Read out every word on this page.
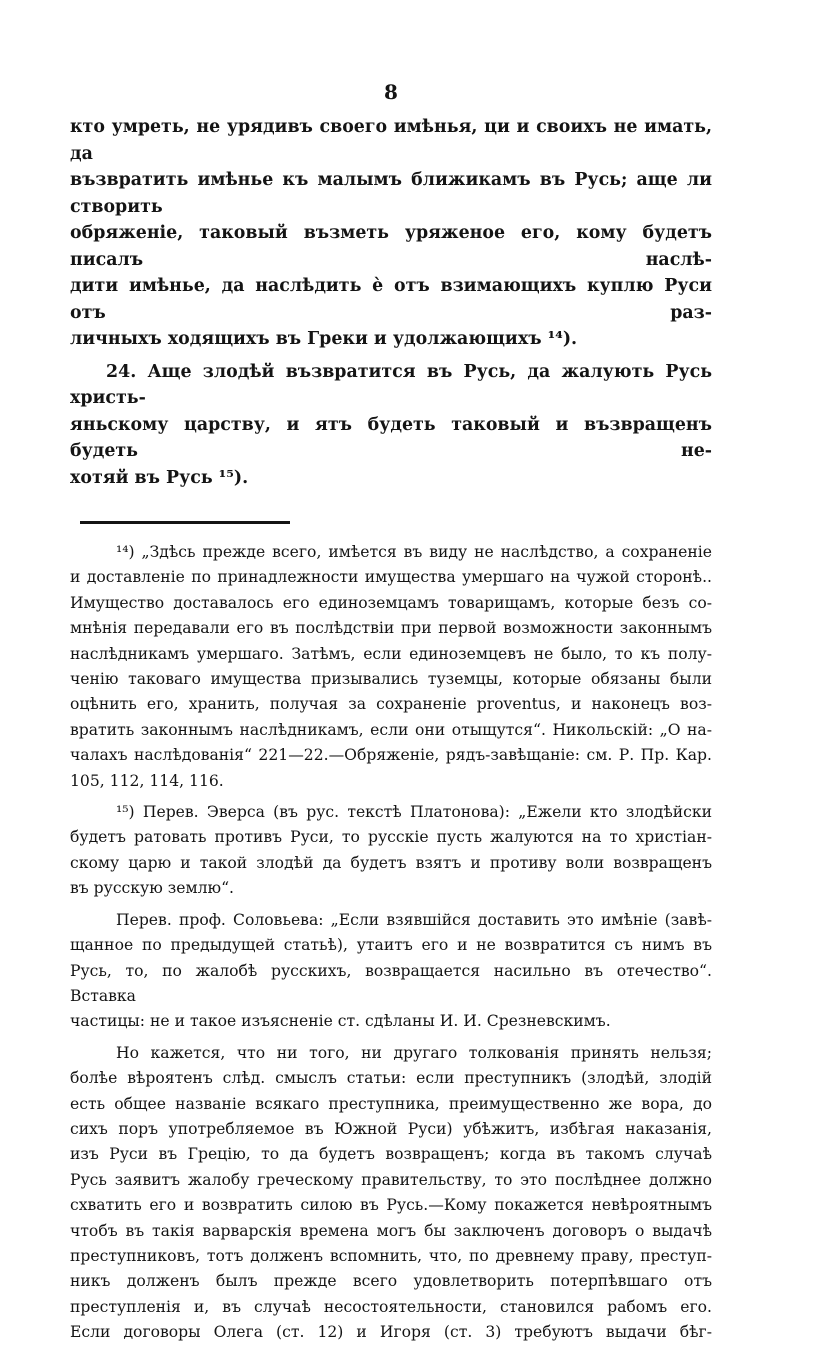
8

кто умреть, не урядивъ своего имѣнья, ци и своихъ не имать, да
възвратить имѣнье къ малымъ ближикамъ въ Русь; аще ли створить
обряженіе, таковый възметь уряженое его, кому будетъ писалъ наслѣ-
дити имѣнье, да наслѣдить ѐ отъ взимающихъ куплю Руси отъ раз-
личныхъ ходящихъ въ Греки и удолжающихъ ¹⁴).

24. Аще злодѣй възвратится въ Русь, да жалують Русь христь-
яньскому царству, и ятъ будеть таковый и възвращенъ будеть не-
хотяй въ Русь ¹⁵).

¹⁴) „Здѣсь прежде всего, имѣется въ виду не наслѣдство, а сохраненіе
и доставленіе по принадлежности имущества умершаго на чужой сторонѣ..
Имущество доставалось его единоземцамъ товарищамъ, которые безъ со-
мнѣнія передавали его въ послѣдствіи при первой возможности законнымъ
наслѣдникамъ умершаго. Затѣмъ, если единоземцевъ не было, то къ полу-
ченію таковаго имущества призывались туземцы, которые обязаны были
оцѣнить его, хранить, получая за сохраненіе proventus, и наконецъ воз-
вратить законнымъ наслѣдникамъ, если они отыщутся“. Никольскій: „О на-
чалахъ наслѣдованія“ 221—22.—Обряженіе, рядъ-завѣщаніе: см. Р. Пр. Кар.
105, 112, 114, 116.

¹⁵) Перев. Эверса (въ рус. текстѣ Платонова): „Ежели кто злодѣйски
будетъ ратовать противъ Руси, то русскіе пусть жалуются на то христіан-
скому царю и такой злодѣй да будетъ взятъ и противу воли возвращенъ
въ русскую землю“.

Перев. проф. Соловьева: „Если взявшійся доставить это имѣніе (завѣ-
щанное по предыдущей статьѣ), утаитъ его и не возвратится съ нимъ въ
Русь, то, по жалобѣ русскихъ, возвращается насильно въ отечество“. Вставка
частицы: не и такое изъясненіе ст. сдѣланы И. И. Срезневскимъ.

Но кажется, что ни того, ни другаго толкованія принять нельзя;
болѣе вѣроятенъ слѣд. смыслъ статьи: если преступникъ (злодѣй, злодій
есть общее названіе всякаго преступника, преимущественно же вора, до
сихъ поръ употребляемое въ Южной Руси) убѣжитъ, избѣгая наказанія,
изъ Руси въ Грецію, то да будетъ возвращенъ; когда въ такомъ случаѣ
Русь заявитъ жалобу греческому правительству, то это послѣднее должно
схватить его и возвратить силою въ Русь.—Кому покажется невѣроятнымъ
чтобъ въ такія варварскія времена могъ бы заключенъ договоръ о выдачѣ
преступниковъ, тотъ долженъ вспомнить, что, по древнему праву, преступ-
никъ долженъ былъ прежде всего удовлетворить потерпѣвшаго отъ
преступленія и, въ случаѣ несостоятельности, становился рабомъ его.
Если договоры Олега (ст. 12) и Игоря (ст. 3) требуютъ выдачи бѣг-
